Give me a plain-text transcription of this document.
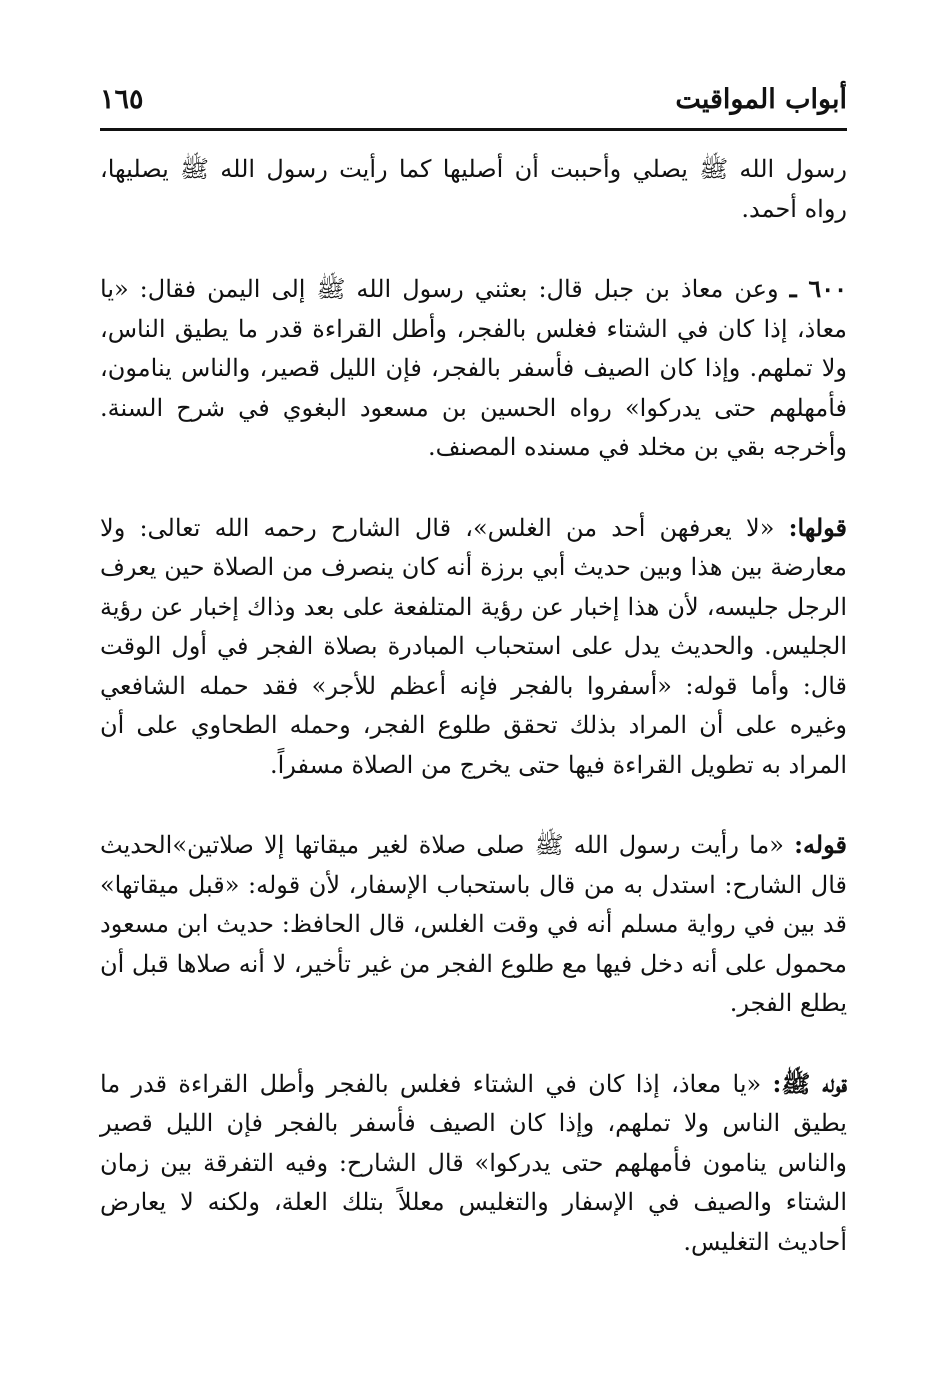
أبواب المواقيت
١٦٥

رسول الله ﷺ يصلي وأحببت أن أصليها كما رأيت رسول الله ﷺ يصليها، رواه أحمد.

٦٠٠ ـ وعن معاذ بن جبل قال: بعثني رسول الله ﷺ إلى اليمن فقال: «يا معاذ، إذا كان في الشتاء فغلس بالفجر، وأطل القراءة قدر ما يطيق الناس، ولا تملهم. وإذا كان الصيف فأسفر بالفجر، فإن الليل قصير، والناس ينامون، فأمهلهم حتى يدركوا» رواه الحسين بن مسعود البغوي في شرح السنة. وأخرجه بقي بن مخلد في مسنده المصنف.

قولها: «لا يعرفهن أحد من الغلس»، قال الشارح رحمه الله تعالى: ولا معارضة بين هذا وبين حديث أبي برزة أنه كان ينصرف من الصلاة حين يعرف الرجل جليسه، لأن هذا إخبار عن رؤية المتلفعة على بعد وذاك إخبار عن رؤية الجليس. والحديث يدل على استحباب المبادرة بصلاة الفجر في أول الوقت قال: وأما قوله: «أسفروا بالفجر فإنه أعظم للأجر» فقد حمله الشافعي وغيره على أن المراد بذلك تحقق طلوع الفجر، وحمله الطحاوي على أن المراد به تطويل القراءة فيها حتى يخرج من الصلاة مسفراً.

قوله: «ما رأيت رسول الله ﷺ صلى صلاة لغير ميقاتها إلا صلاتين»الحديث قال الشارح: استدل به من قال باستحباب الإسفار، لأن قوله: «قبل ميقاتها» قد بين في رواية مسلم أنه في وقت الغلس، قال الحافظ: حديث ابن مسعود محمول على أنه دخل فيها مع طلوع الفجر من غير تأخير، لا أنه صلاها قبل أن يطلع الفجر.

قوله ﷺ: «يا معاذ، إذا كان في الشتاء فغلس بالفجر وأطل القراءة قدر ما يطيق الناس ولا تملهم، وإذا كان الصيف فأسفر بالفجر فإن الليل قصير والناس ينامون فأمهلهم حتى يدركوا» قال الشارح: وفيه التفرقة بين زمان الشتاء والصيف في الإسفار والتغليس معللاً بتلك العلة، ولكنه لا يعارض أحاديث التغليس.
